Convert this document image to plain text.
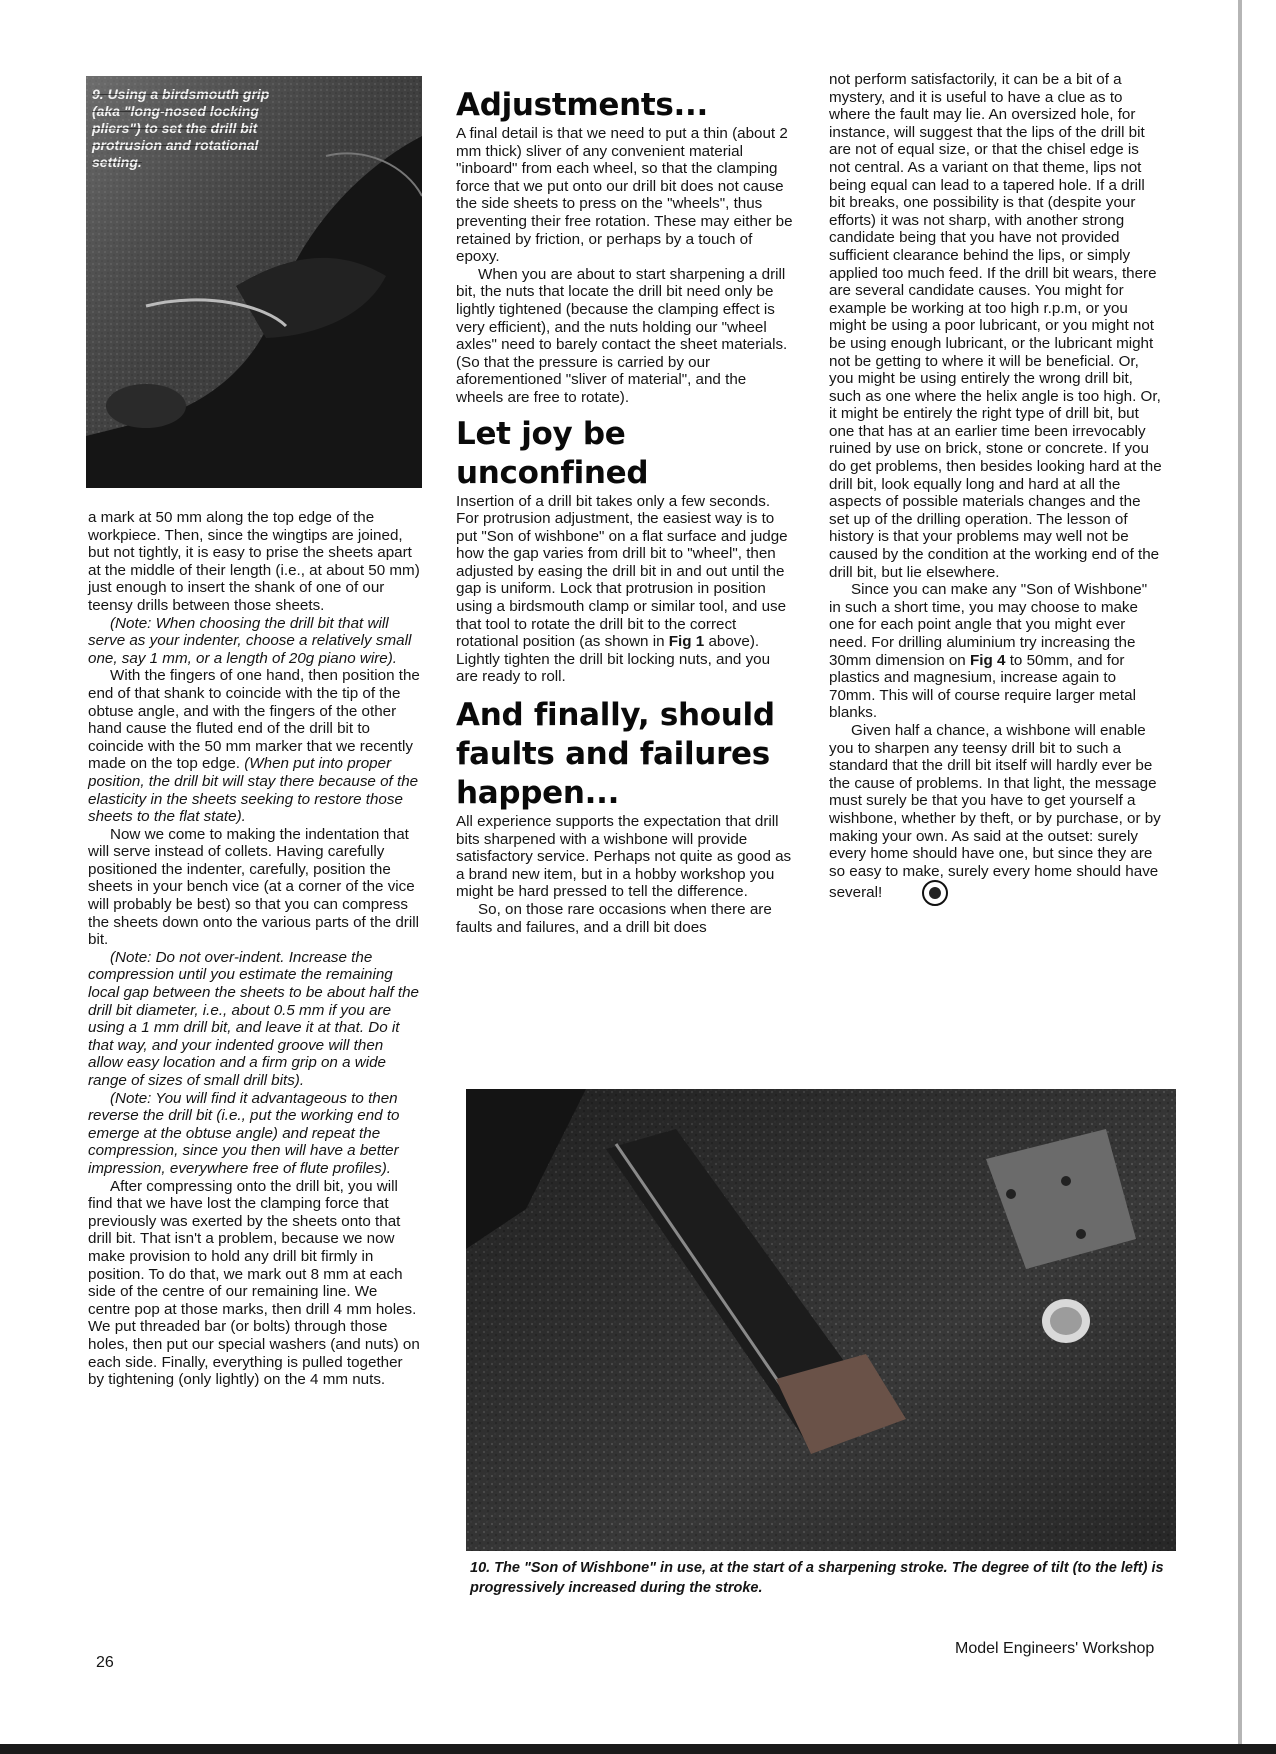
9. Using a birdsmouth grip (aka "long-nosed locking pliers") to set the drill bit protrusion and rotational setting.

a mark at 50 mm along the top edge of the workpiece. Then, since the wingtips are joined, but not tightly, it is easy to prise the sheets apart at the middle of their length (i.e., at about 50 mm) just enough to insert the shank of one of our teensy drills between those sheets.

(Note: When choosing the drill bit that will serve as your indenter, choose a relatively small one, say 1 mm, or a length of 20g piano wire).

With the fingers of one hand, then position the end of that shank to coincide with the tip of the obtuse angle, and with the fingers of the other hand cause the fluted end of the drill bit to coincide with the 50 mm marker that we recently made on the top edge. (When put into proper position, the drill bit will stay there because of the elasticity in the sheets seeking to restore those sheets to the flat state).

Now we come to making the indentation that will serve instead of collets. Having carefully positioned the indenter, carefully, position the sheets in your bench vice (at a corner of the vice will probably be best) so that you can compress the sheets down onto the various parts of the drill bit.

(Note: Do not over-indent. Increase the compression until you estimate the remaining local gap between the sheets to be about half the drill bit diameter, i.e., about 0.5 mm if you are using a 1 mm drill bit, and leave it at that. Do it that way, and your indented groove will then allow easy location and a firm grip on a wide range of sizes of small drill bits).

(Note: You will find it advantageous to then reverse the drill bit (i.e., put the working end to emerge at the obtuse angle) and repeat the compression, since you then will have a better impression, everywhere free of flute profiles).

After compressing onto the drill bit, you will find that we have lost the clamping force that previously was exerted by the sheets onto that drill bit. That isn't a problem, because we now make provision to hold any drill bit firmly in position. To do that, we mark out 8 mm at each side of the centre of our remaining line. We centre pop at those marks, then drill 4 mm holes. We put threaded bar (or bolts) through those holes, then put our special washers (and nuts) on each side. Finally, everything is pulled together by tightening (only lightly) on the 4 mm nuts.

Adjustments...

A final detail is that we need to put a thin (about 2 mm thick) sliver of any convenient material "inboard" from each wheel, so that the clamping force that we put onto our drill bit does not cause the side sheets to press on the "wheels", thus preventing their free rotation. These may either be retained by friction, or perhaps by a touch of epoxy.

When you are about to start sharpening a drill bit, the nuts that locate the drill bit need only be lightly tightened (because the clamping effect is very efficient), and the nuts holding our "wheel axles" need to barely contact the sheet materials. (So that the pressure is carried by our aforementioned "sliver of material", and the wheels are free to rotate).

Let joy be unconfined

Insertion of a drill bit takes only a few seconds. For protrusion adjustment, the easiest way is to put "Son of wishbone" on a flat surface and judge how the gap varies from drill bit to "wheel", then adjusted by easing the drill bit in and out until the gap is uniform. Lock that protrusion in position using a birdsmouth clamp or similar tool, and use that tool to rotate the drill bit to the correct rotational position (as shown in Fig 1 above). Lightly tighten the drill bit locking nuts, and you are ready to roll.

And finally, should faults and failures happen...

All experience supports the expectation that drill bits sharpened with a wishbone will provide satisfactory service. Perhaps not quite as good as a brand new item, but in a hobby workshop you might be hard pressed to tell the difference.

So, on those rare occasions when there are faults and failures, and a drill bit does

not perform satisfactorily, it can be a bit of a mystery, and it is useful to have a clue as to where the fault may lie. An oversized hole, for instance, will suggest that the lips of the drill bit are not of equal size, or that the chisel edge is not central. As a variant on that theme, lips not being equal can lead to a tapered hole. If a drill bit breaks, one possibility is that (despite your efforts) it was not sharp, with another strong candidate being that you have not provided sufficient clearance behind the lips, or simply applied too much feed. If the drill bit wears, there are several candidate causes. You might for example be working at too high r.p.m, or you might be using a poor lubricant, or you might not be using enough lubricant, or the lubricant might not be getting to where it will be beneficial. Or, you might be using entirely the wrong drill bit, such as one where the helix angle is too high. Or, it might be entirely the right type of drill bit, but one that has at an earlier time been irrevocably ruined by use on brick, stone or concrete. If you do get problems, then besides looking hard at the drill bit, look equally long and hard at all the aspects of possible materials changes and the set up of the drilling operation. The lesson of history is that your problems may well not be caused by the condition at the working end of the drill bit, but lie elsewhere.

Since you can make any "Son of Wishbone" in such a short time, you may choose to make one for each point angle that you might ever need. For drilling aluminium try increasing the 30mm dimension on Fig 4 to 50mm, and for plastics and magnesium, increase again to 70mm. This will of course require larger metal blanks.

Given half a chance, a wishbone will enable you to sharpen any teensy drill bit to such a standard that the drill bit itself will hardly ever be the cause of problems. In that light, the message must surely be that you have to get yourself a wishbone, whether by theft, or by purchase, or by making your own. As said at the outset: surely every home should have one, but since they are so easy to make, surely every home should have several!

10. The "Son of Wishbone" in use, at the start of a sharpening stroke. The degree of tilt (to the left) is progressively increased during the stroke.
26
Model Engineers' Workshop
